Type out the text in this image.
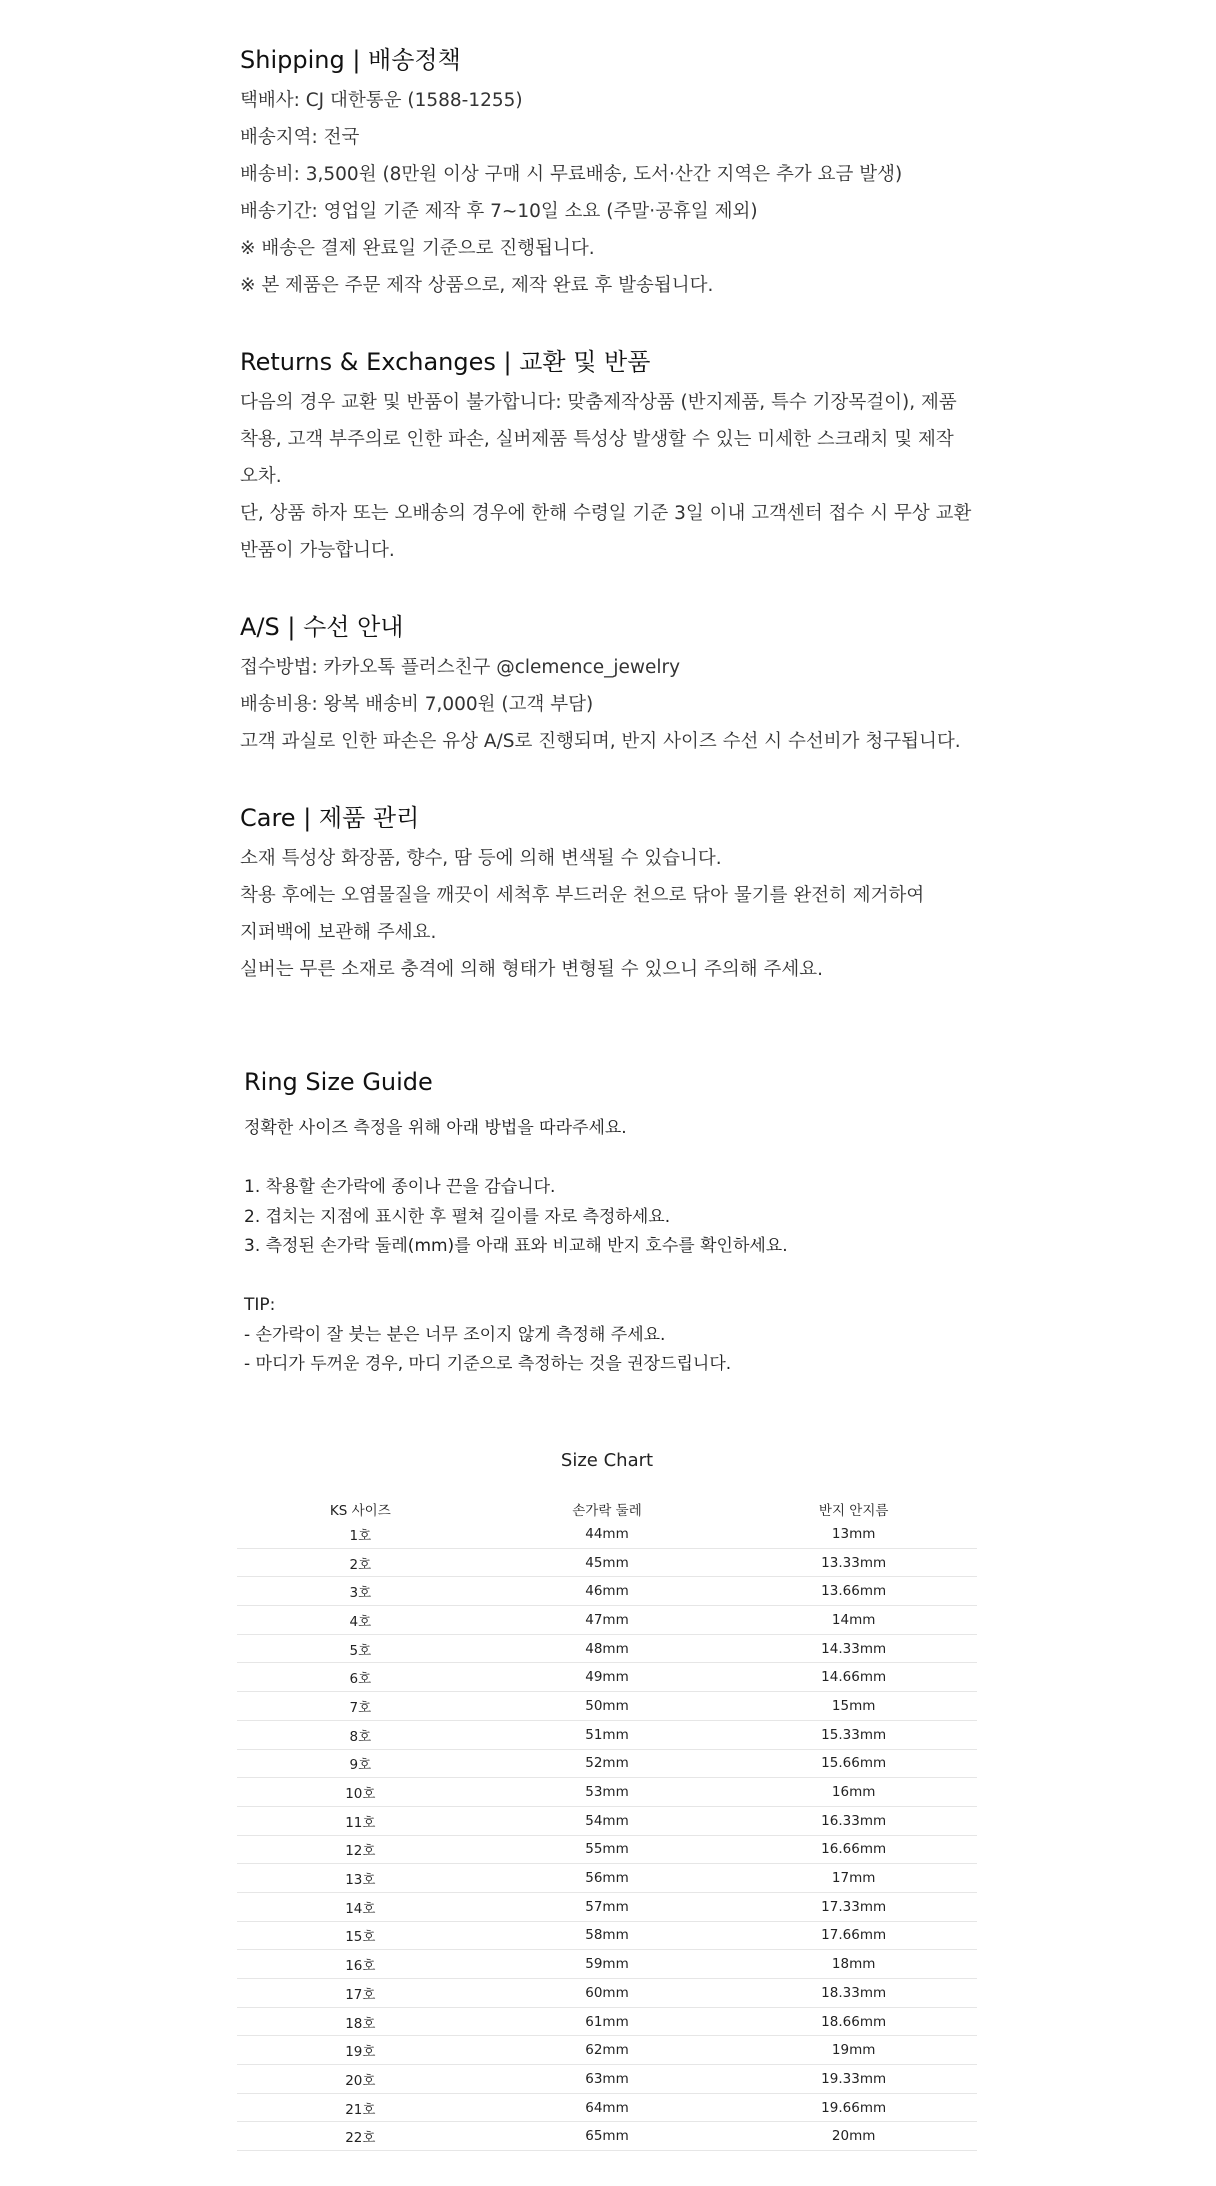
Shipping | 배송정책

택배사: CJ 대한통운 (1588-1255)

배송지역: 전국

배송비: 3,500원 (8만원 이상 구매 시 무료배송, 도서·산간 지역은 추가 요금 발생)

배송기간: 영업일 기준 제작 후 7~10일 소요 (주말·공휴일 제외)

※ 배송은 결제 완료일 기준으로 진행됩니다.

※ 본 제품은 주문 제작 상품으로, 제작 완료 후 발송됩니다.

Returns & Exchanges | 교환 및 반품

다음의 경우 교환 및 반품이 불가합니다: 맞춤제작상품 (반지제품, 특수 기장목걸이), 제품

착용, 고객 부주의로 인한 파손, 실버제품 특성상 발생할 수 있는 미세한 스크래치 및 제작

오차.

단, 상품 하자 또는 오배송의 경우에 한해 수령일 기준 3일 이내 고객센터 접수 시 무상 교환

반품이 가능합니다.

A/S | 수선 안내

접수방법: 카카오톡 플러스친구 @clemence_jewelry

배송비용: 왕복 배송비 7,000원 (고객 부담)

고객 과실로 인한 파손은 유상 A/S로 진행되며, 반지 사이즈 수선 시 수선비가 청구됩니다.

Care | 제품 관리

소재 특성상 화장품, 향수, 땀 등에 의해 변색될 수 있습니다.

착용 후에는 오염물질을 깨끗이 세척후 부드러운 천으로 닦아 물기를 완전히 제거하여

지퍼백에 보관해 주세요.

실버는 무른 소재로 충격에 의해 형태가 변형될 수 있으니 주의해 주세요.

Ring Size Guide

정확한 사이즈 측정을 위해 아래 방법을 따라주세요.

1. 착용할 손가락에 종이나 끈을 감습니다.

2. 겹치는 지점에 표시한 후 펼쳐 길이를 자로 측정하세요.

3. 측정된 손가락 둘레(mm)를 아래 표와 비교해 반지 호수를 확인하세요.

TIP:

- 손가락이 잘 붓는 분은 너무 조이지 않게 측정해 주세요.

- 마디가 두꺼운 경우, 마디 기준으로 측정하는 것을 권장드립니다.

Size Chart
KS 사이즈	손가락 둘레	반지 안지름
1호	44mm	13mm
2호	45mm	13.33mm
3호	46mm	13.66mm
4호	47mm	14mm
5호	48mm	14.33mm
6호	49mm	14.66mm
7호	50mm	15mm
8호	51mm	15.33mm
9호	52mm	15.66mm
10호	53mm	16mm
11호	54mm	16.33mm
12호	55mm	16.66mm
13호	56mm	17mm
14호	57mm	17.33mm
15호	58mm	17.66mm
16호	59mm	18mm
17호	60mm	18.33mm
18호	61mm	18.66mm
19호	62mm	19mm
20호	63mm	19.33mm
21호	64mm	19.66mm
22호	65mm	20mm
